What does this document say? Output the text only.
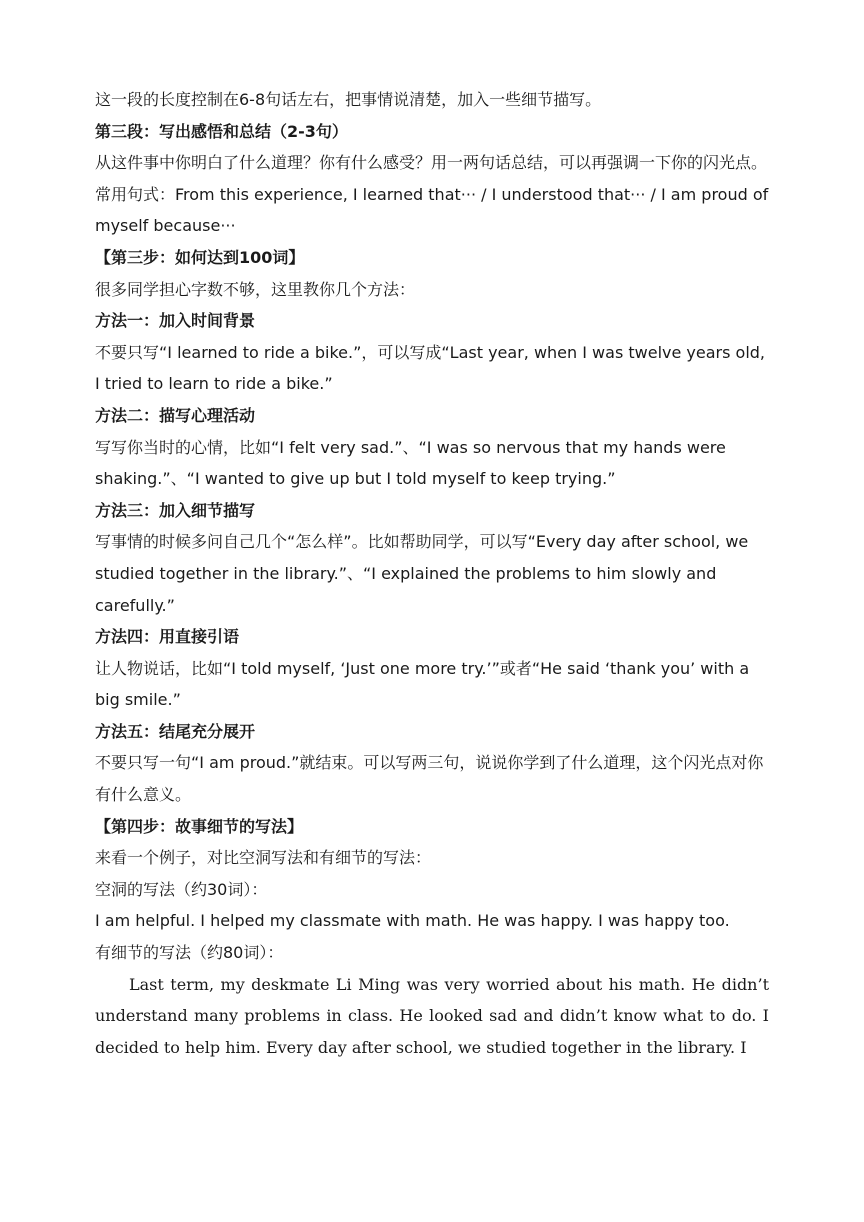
这一段的长度控制在6-8句话左右，把事情说清楚，加入一些细节描写。

第三段：写出感悟和总结（2-3句）

从这件事中你明白了什么道理？你有什么感受？用一两句话总结，可以再强调一下你的闪光点。

常用句式：From this experience, I learned that··· / I understood that··· / I am proud of myself because···

【第三步：如何达到100词】

很多同学担心字数不够，这里教你几个方法：

方法一：加入时间背景

不要只写“I learned to ride a bike.”，可以写成“Last year, when I was twelve years old, I tried to learn to ride a bike.”

方法二：描写心理活动

写写你当时的心情，比如“I felt very sad.”、“I was so nervous that my hands were shaking.”、“I wanted to give up but I told myself to keep trying.”

方法三：加入细节描写

写事情的时候多问自己几个“怎么样”。比如帮助同学，可以写“Every day after school, we studied together in the library.”、“I explained the problems to him slowly and carefully.”

方法四：用直接引语

让人物说话，比如“I told myself, ‘Just one more try.’”或者“He said ‘thank you’ with a big smile.”

方法五：结尾充分展开

不要只写一句“I am proud.”就结束。可以写两三句，说说你学到了什么道理，这个闪光点对你有什么意义。

【第四步：故事细节的写法】

来看一个例子，对比空洞写法和有细节的写法：

空洞的写法（约30词）：

I am helpful. I helped my classmate with math. He was happy. I was happy too.

有细节的写法（约80词）：

Last term, my deskmate Li Ming was very worried about his math. He didn’t understand many problems in class. He looked sad and didn’t know what to do. I decided to help him. Every day after school, we studied together in the library. I
